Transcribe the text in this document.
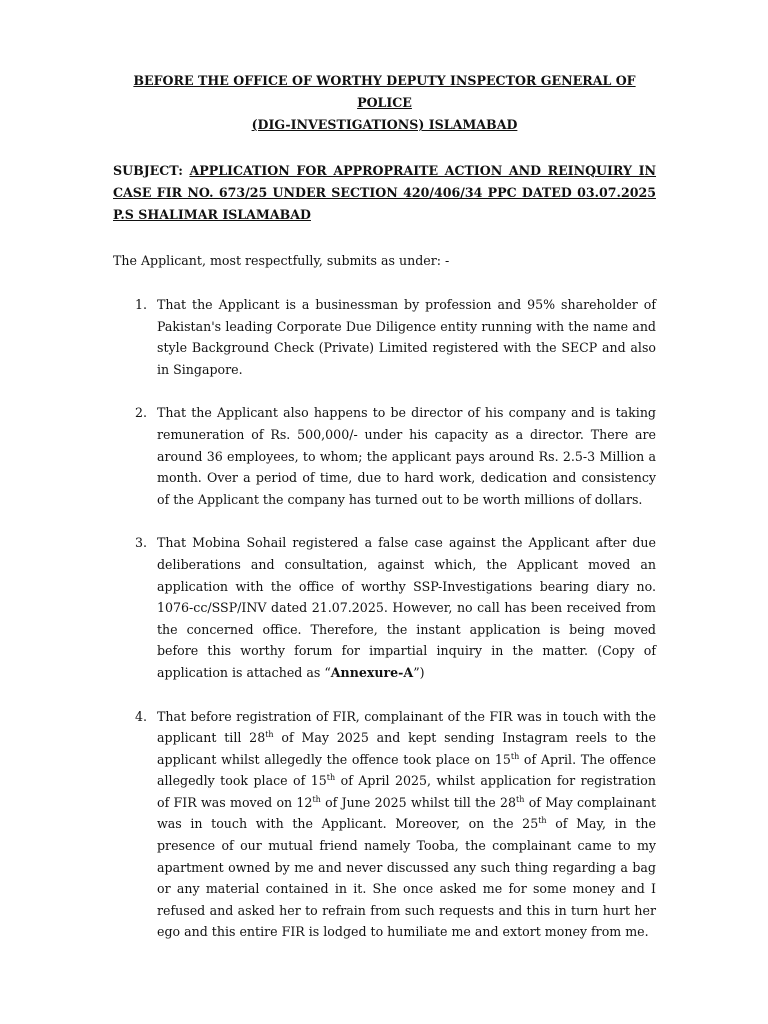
BEFORE THE OFFICE OF WORTHY DEPUTY INSPECTOR GENERAL OF POLICE
(DIG-INVESTIGATIONS) ISLAMABAD

SUBJECT: APPLICATION FOR APPROPRAITE ACTION AND REINQUIRY IN CASE FIR NO. 673/25 UNDER SECTION 420/406/34 PPC DATED 03.07.2025 P.S SHALIMAR ISLAMABAD

The Applicant, most respectfully, submits as under: -

1. That the Applicant is a businessman by profession and 95% shareholder of Pakistan's leading Corporate Due Diligence entity running with the name and style Background Check (Private) Limited registered with the SECP and also in Singapore.
2. That the Applicant also happens to be director of his company and is taking remuneration of Rs. 500,000/- under his capacity as a director. There are around 36 employees, to whom; the applicant pays around Rs. 2.5-3 Million a month. Over a period of time, due to hard work, dedication and consistency of the Applicant the company has turned out to be worth millions of dollars.
3. That Mobina Sohail registered a false case against the Applicant after due deliberations and consultation, against which, the Applicant moved an application with the office of worthy SSP-Investigations bearing diary no. 1076-cc/SSP/INV dated 21.07.2025. However, no call has been received from the concerned office. Therefore, the instant application is being moved before this worthy forum for impartial inquiry in the matter. (Copy of application is attached as “Annexure-A”)
4. That before registration of FIR, complainant of the FIR was in touch with the applicant till 28th of May 2025 and kept sending Instagram reels to the applicant whilst allegedly the offence took place on 15th of April. The offence allegedly took place of 15th of April 2025, whilst application for registration of FIR was moved on 12th of June 2025 whilst till the 28th of May complainant was in touch with the Applicant. Moreover, on the 25th of May, in the presence of our mutual friend namely Tooba, the complainant came to my apartment owned by me and never discussed any such thing regarding a bag or any material contained in it. She once asked me for some money and I refused and asked her to refrain from such requests and this in turn hurt her ego and this entire FIR is lodged to humiliate me and extort money from me.
